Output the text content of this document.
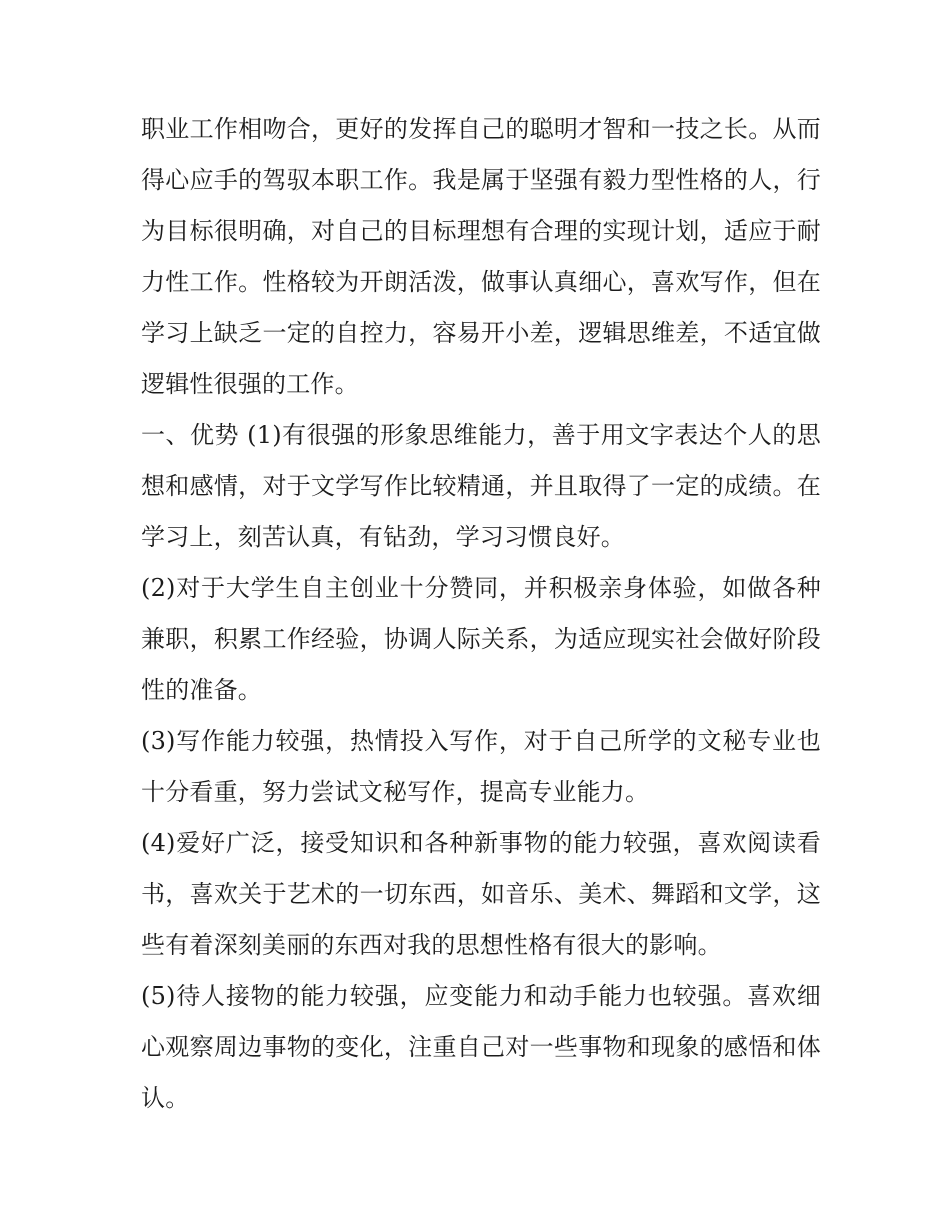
职业工作相吻合，更好的发挥自己的聪明才智和一技之长。从而得心应手的驾驭本职工作。我是属于坚强有毅力型性格的人，行为目标很明确，对自己的目标理想有合理的实现计划，适应于耐力性工作。性格较为开朗活泼，做事认真细心，喜欢写作，但在学习上缺乏一定的自控力，容易开小差，逻辑思维差，不适宜做逻辑性很强的工作。

一、优势 (1)有很强的形象思维能力，善于用文字表达个人的思想和感情，对于文学写作比较精通，并且取得了一定的成绩。在学习上，刻苦认真，有钻劲，学习习惯良好。

(2)对于大学生自主创业十分赞同，并积极亲身体验，如做各种兼职，积累工作经验，协调人际关系，为适应现实社会做好阶段性的准备。

(3)写作能力较强，热情投入写作，对于自己所学的文秘专业也十分看重，努力尝试文秘写作，提高专业能力。

(4)爱好广泛，接受知识和各种新事物的能力较强，喜欢阅读看书，喜欢关于艺术的一切东西，如音乐、美术、舞蹈和文学，这些有着深刻美丽的东西对我的思想性格有很大的影响。

(5)待人接物的能力较强，应变能力和动手能力也较强。喜欢细心观察周边事物的变化，注重自己对一些事物和现象的感悟和体认。
